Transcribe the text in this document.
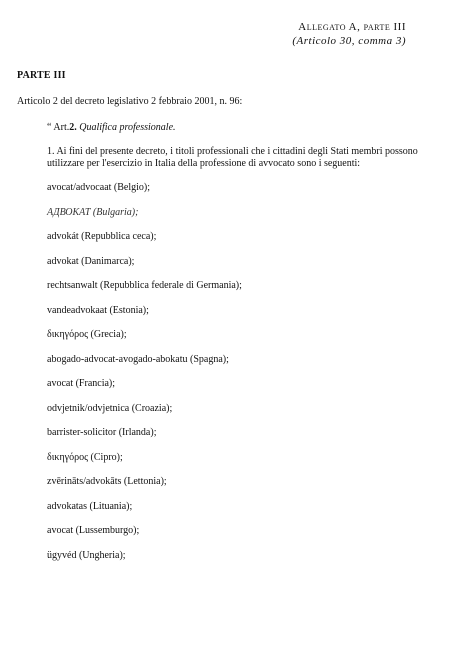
Allegato A, parte III
(Articolo 30, comma 3)
PARTE III
Articolo 2 del decreto legislativo 2 febbraio 2001, n. 96:
“ Art.2. Qualifica professionale.
1. Ai fini del presente decreto, i titoli professionali che i cittadini degli Stati membri possono utilizzare per l'esercizio in Italia della professione di avvocato sono i seguenti:
avocat/advocaat (Belgio);
АДВОКАТ (Bulgaria);
advokát (Repubblica ceca);
advokat (Danimarca);
rechtsanwalt (Repubblica federale di Germania);
vandeadvokaat (Estonia);
δικηγόρος (Grecia);
abogado-advocat-avogado-abokatu (Spagna);
avocat (Francia);
odvjetnik/odvjetnica (Croazia);
barrister-solicitor (Irlanda);
δικηγόρος (Cipro);
zvērināts/advokāts (Lettonia);
advokatas (Lituania);
avocat (Lussemburgo);
ügyvéd (Ungheria);
